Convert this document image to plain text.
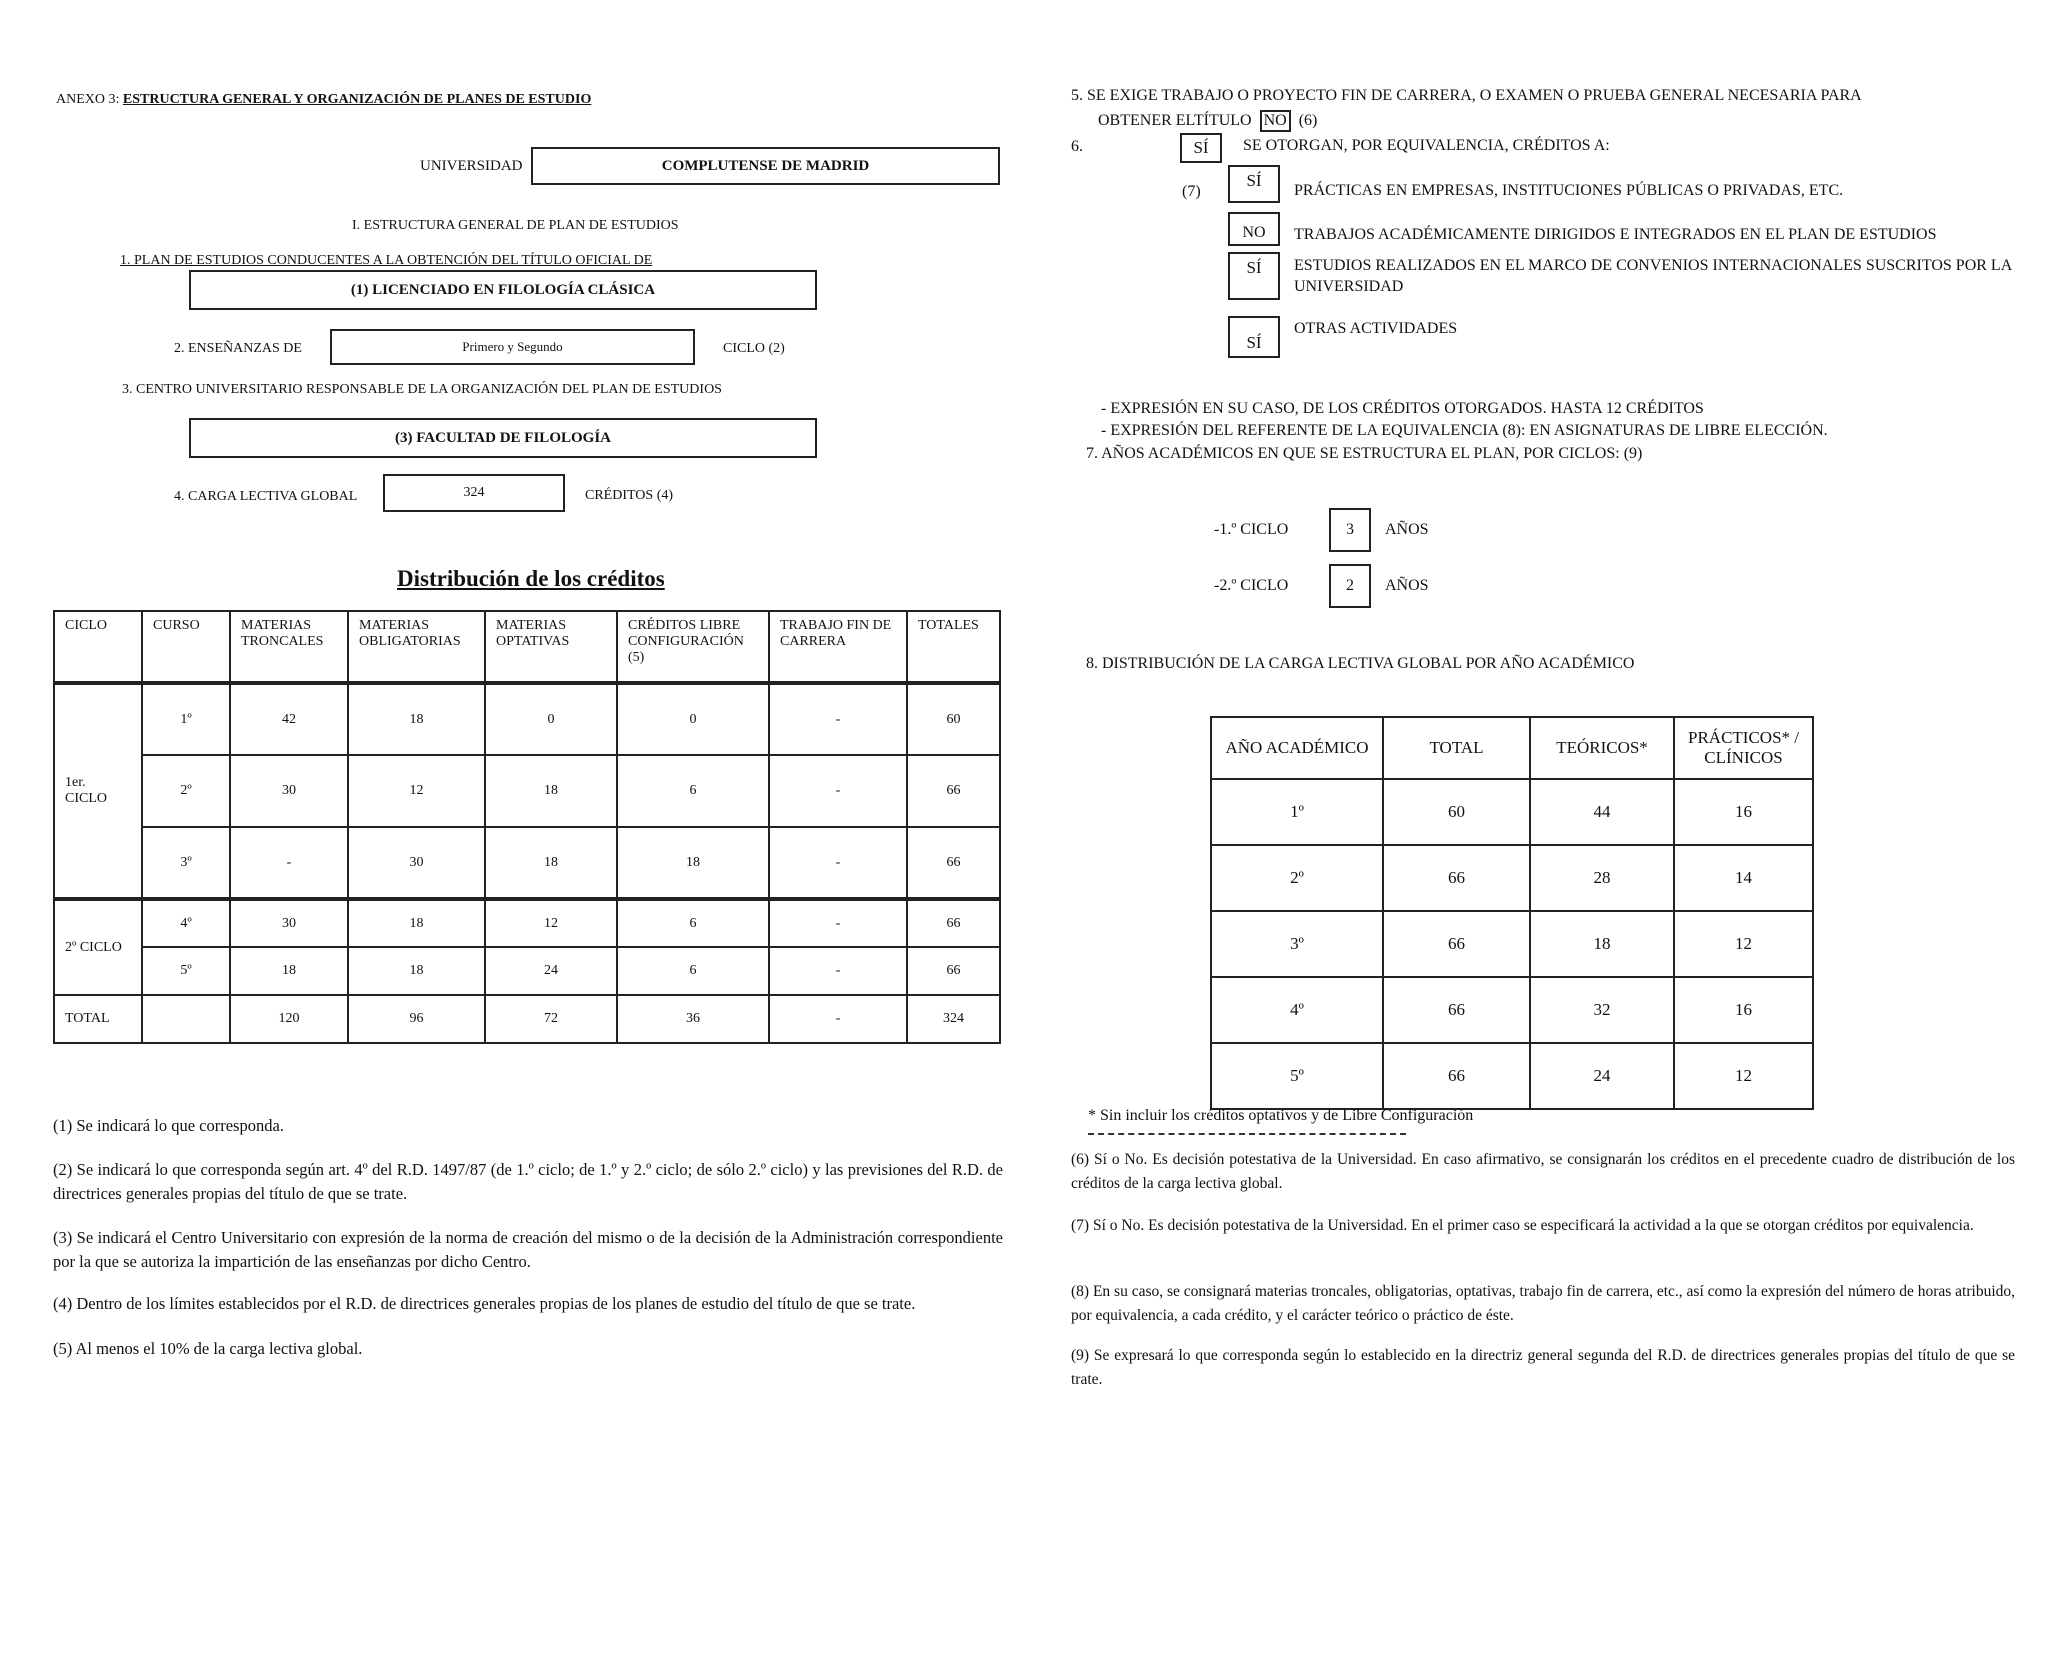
ANEXO 3: ESTRUCTURA GENERAL Y ORGANIZACIÓN DE PLANES DE ESTUDIO
UNIVERSIDAD	COMPLUTENSE DE MADRID
I. ESTRUCTURA GENERAL DE PLAN DE ESTUDIOS
1. PLAN DE ESTUDIOS CONDUCENTES A LA OBTENCIÓN DEL TÍTULO OFICIAL DE
(1) LICENCIADO EN FILOLOGÍA CLÁSICA
2. ENSEÑANZAS DE	Primero y Segundo	CICLO (2)
3. CENTRO UNIVERSITARIO RESPONSABLE DE LA ORGANIZACIÓN DEL PLAN DE ESTUDIOS
(3) FACULTAD DE FILOLOGÍA
4. CARGA LECTIVA GLOBAL	324	CRÉDITOS (4)
Distribución de los créditos
CICLO	CURSO	MATERIAS TRONCALES	MATERIAS OBLIGATORIAS	MATERIAS OPTATIVAS	CRÉDITOS LIBRE CONFIGURACIÓN (5)	TRABAJO FIN DE CARRERA	TOTALES
1er. CICLO	1º	42	18	0	0	-	60
	2º	30	12	18	6	-	66
	3º	-	30	18	18	-	66
2º CICLO	4º	30	18	12	6	-	66
	5º	18	18	24	6	-	66
TOTAL		120	96	72	36	-	324
(1) Se indicará lo que corresponda.
(2) Se indicará lo que corresponda según art. 4º del R.D. 1497/87 (de 1.º ciclo; de 1.º y 2.º ciclo; de sólo 2.º ciclo) y las previsiones del R.D. de directrices generales propias del título de que se trate.
(3) Se indicará el Centro Universitario con expresión de la norma de creación del mismo o de la decisión de la Administración correspondiente por la que se autoriza la impartición de las enseñanzas por dicho Centro.
(4) Dentro de los límites establecidos por el R.D. de directrices generales propias de los planes de estudio del título de que se trate.
(5) Al menos el 10% de la carga lectiva global.
5. SE EXIGE TRABAJO O PROYECTO FIN DE CARRERA, O EXAMEN O PRUEBA GENERAL NECESARIA PARA
OBTENER ELTÍTULO NO (6)
6.	SÍ	SE OTORGAN, POR EQUIVALENCIA, CRÉDITOS A:
(7)
SÍ
PRÁCTICAS EN EMPRESAS, INSTITUCIONES PÚBLICAS O PRIVADAS, ETC.
NO	TRABAJOS ACADÉMICAMENTE DIRIGIDOS E INTEGRADOS EN EL PLAN DE ESTUDIOS
SÍ	ESTUDIOS REALIZADOS EN EL MARCO DE CONVENIOS INTERNACIONALES SUSCRITOS POR LA UNIVERSIDAD
SÍ
OTRAS ACTIVIDADES
- EXPRESIÓN EN SU CASO, DE LOS CRÉDITOS OTORGADOS. HASTA 12 CRÉDITOS
- EXPRESIÓN DEL REFERENTE DE LA EQUIVALENCIA (8): EN ASIGNATURAS DE LIBRE ELECCIÓN.
7. AÑOS ACADÉMICOS EN QUE SE ESTRUCTURA EL PLAN, POR CICLOS: (9)
-1.º CICLO	3	AÑOS
-2.º CICLO	2	AÑOS
8. DISTRIBUCIÓN DE LA CARGA LECTIVA GLOBAL POR AÑO ACADÉMICO
AÑO ACADÉMICO	TOTAL	TEÓRICOS*	PRÁCTICOS* / CLÍNICOS
1º	60	44	16
2º	66	28	14
3º	66	18	12
4º	66	32	16
5º	66	24	12
* Sin incluir los créditos optativos y de Libre Configuración
(6) Sí o No. Es decisión potestativa de la Universidad. En caso afirmativo, se consignarán los créditos en el precedente cuadro de distribución de los créditos de la carga lectiva global.
(7) Sí o No. Es decisión potestativa de la Universidad. En el primer caso se especificará la actividad a la que se otorgan créditos por equivalencia.
(8) En su caso, se consignará materias troncales, obligatorias, optativas, trabajo fin de carrera, etc., así como la expresión del número de horas atribuido, por equivalencia, a cada crédito, y el carácter teórico o práctico de éste.
(9) Se expresará lo que corresponda según lo establecido en la directriz general segunda del R.D. de directrices generales propias del título de que se trate.
